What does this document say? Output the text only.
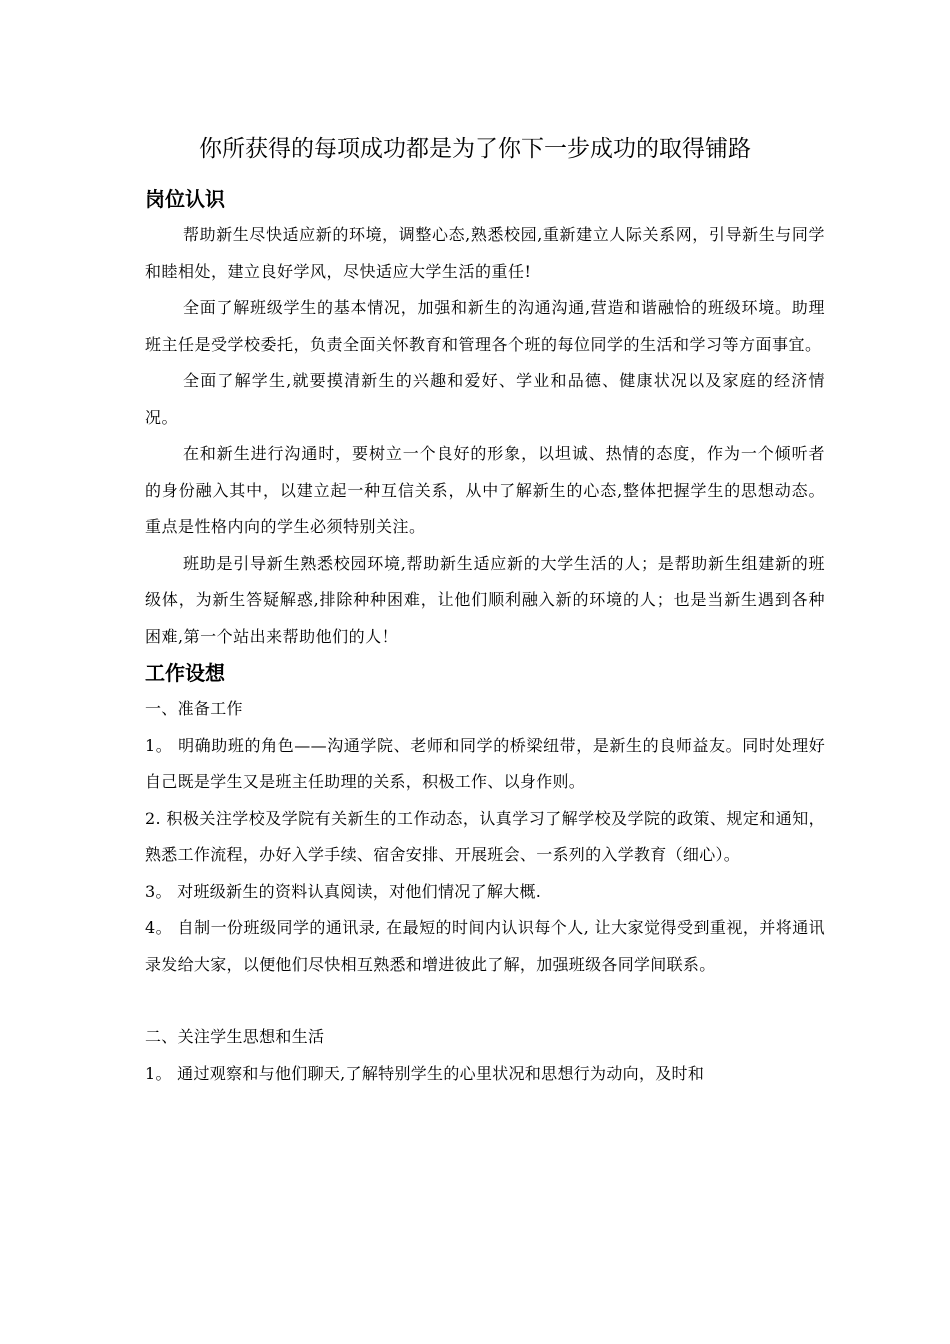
你所获得的每项成功都是为了你下一步成功的取得铺路
岗位认识

帮助新生尽快适应新的环境，调整心态,熟悉校园,重新建立人际关系网，引导新生与同学和睦相处，建立良好学风，尽快适应大学生活的重任!

全面了解班级学生的基本情况，加强和新生的沟通沟通,营造和谐融恰的班级环境。助理班主任是受学校委托，负责全面关怀教育和管理各个班的每位同学的生活和学习等方面事宜。

全面了解学生,就要摸清新生的兴趣和爱好、学业和品德、健康状况以及家庭的经济情况。

在和新生进行沟通时，要树立一个良好的形象，以坦诚、热情的态度，作为一个倾听者的身份融入其中，以建立起一种互信关系，从中了解新生的心态,整体把握学生的思想动态。重点是性格内向的学生必须特别关注。

班助是引导新生熟悉校园环境,帮助新生适应新的大学生活的人；是帮助新生组建新的班级体，为新生答疑解惑,排除种种困难，让他们顺利融入新的环境的人；也是当新生遇到各种困难,第一个站出来帮助他们的人！

工作设想

一、准备工作

1。 明确助班的角色——沟通学院、老师和同学的桥梁纽带，是新生的良师益友。同时处理好自己既是学生又是班主任助理的关系，积极工作、以身作则。

2. 积极关注学校及学院有关新生的工作动态，认真学习了解学校及学院的政策、规定和通知，熟悉工作流程，办好入学手续、宿舍安排、开展班会、一系列的入学教育（细心）。

3。 对班级新生的资料认真阅读，对他们情况了解大概.

4。 自制一份班级同学的通讯录, 在最短的时间内认识每个人, 让大家觉得受到重视，并将通讯录发给大家，以便他们尽快相互熟悉和增进彼此了解，加强班级各同学间联系。

二、关注学生思想和生活

1。 通过观察和与他们聊天,了解特别学生的心里状况和思想行为动向，及时和
